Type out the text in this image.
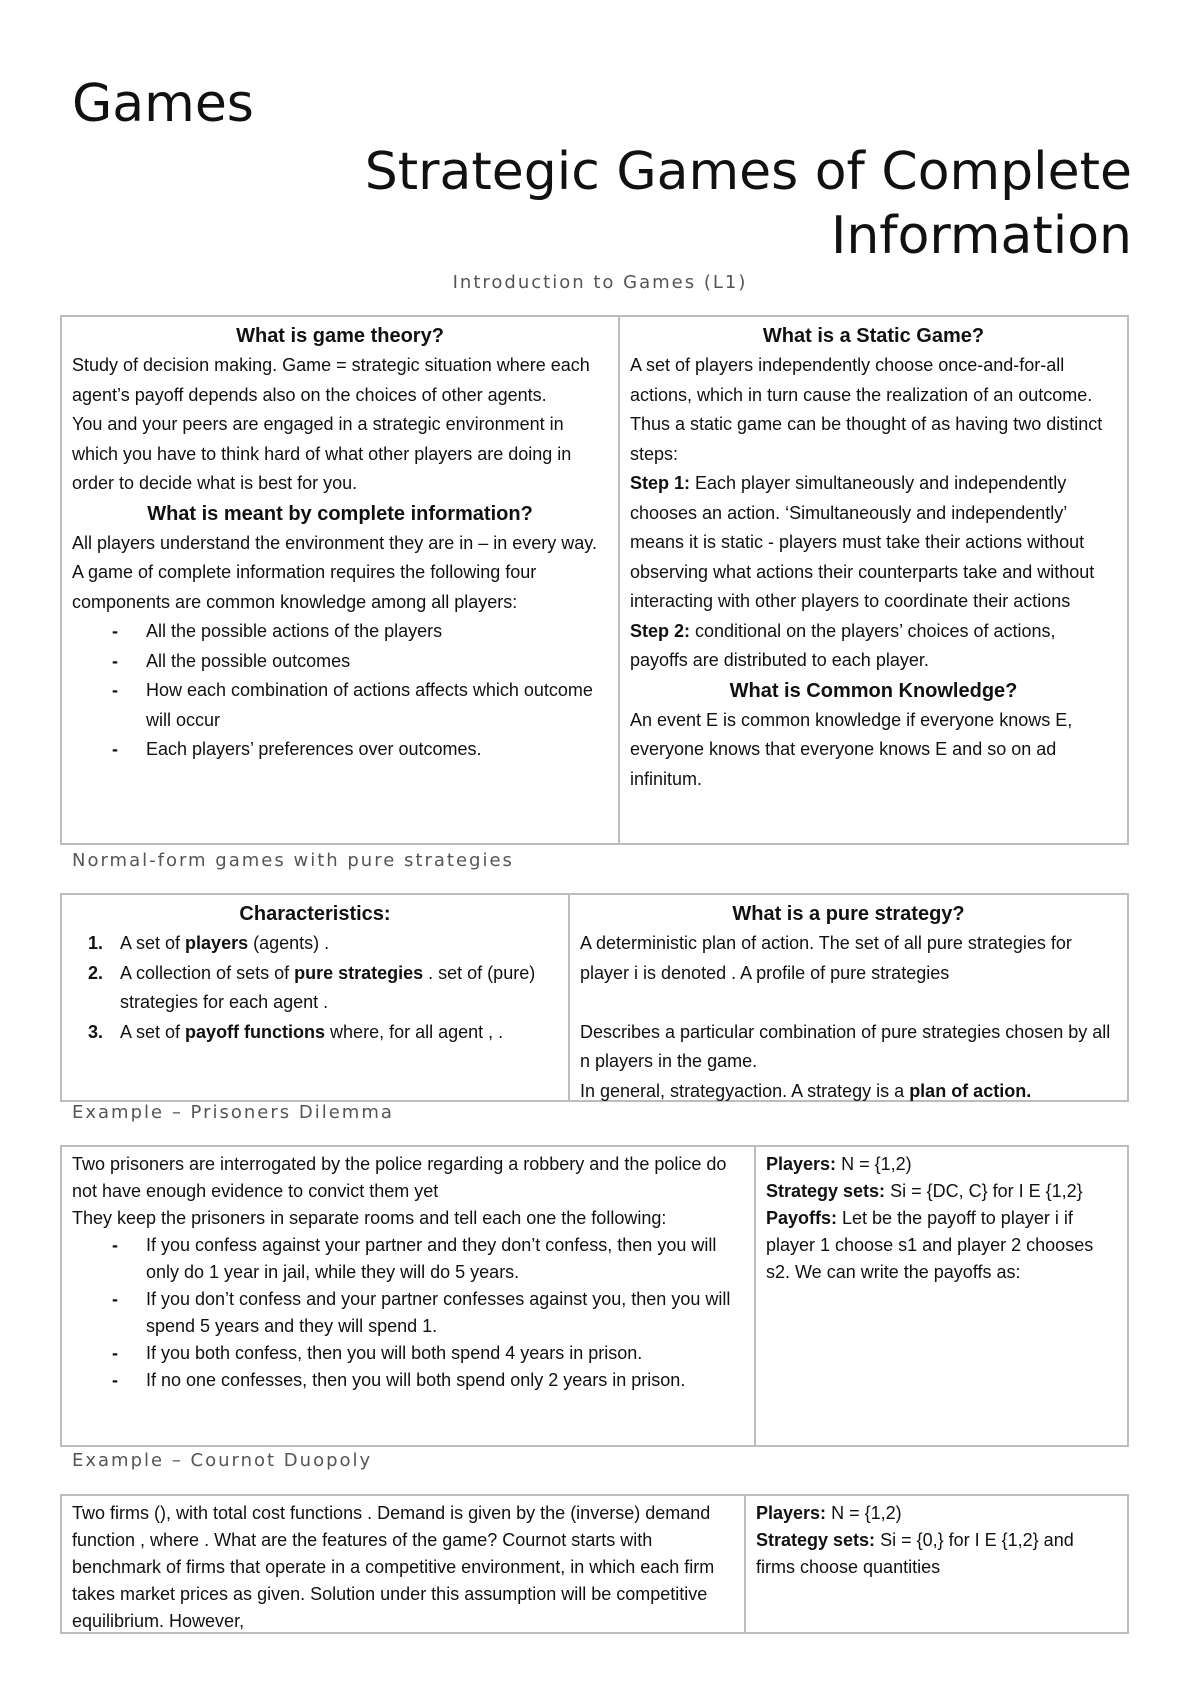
Games
Strategic Games of Complete
Information
Introduction to Games (L1)

What is game theory?

Study of decision making. Game = strategic situation where each agent’s payoff depends also on the choices of other agents.

You and your peers are engaged in a strategic environment in which you have to think hard of what other players are doing in order to decide what is best for you.

What is meant by complete information?

All players understand the environment they are in – in every way. A game of complete information requires the following four components are common knowledge among all players:

- All the possible actions of the players
- All the possible outcomes
- How each combination of actions affects which outcome will occur
- Each players’ preferences over outcomes.

What is a Static Game?

A set of players independently choose once-and-for-all actions, which in turn cause the realization of an outcome. Thus a static game can be thought of as having two distinct steps:

Step 1: Each player simultaneously and independently chooses an action. ‘Simultaneously and independently’ means it is static - players must take their actions without observing what actions their counterparts take and without interacting with other players to coordinate their actions

Step 2: conditional on the players’ choices of actions, payoffs are distributed to each player.

What is Common Knowledge?

An event E is common knowledge if everyone knows E, everyone knows that everyone knows E and so on ad infinitum.

Normal-form games with pure strategies

Characteristics:

1. A set of players (agents) .
2. A collection of sets of pure strategies . set of (pure) strategies for each agent .
3. A set of payoff functions where, for all agent , .

What is a pure strategy?

A deterministic plan of action. The set of all pure strategies for player i is denoted . A profile of pure strategies

Describes a particular combination of pure strategies chosen by all n players in the game.

In general, strategyaction. A strategy is a plan of action.

Example – Prisoners Dilemma

Two prisoners are interrogated by the police regarding a robbery and the police do not have enough evidence to convict them yet

They keep the prisoners in separate rooms and tell each one the following:

- If you confess against your partner and they don’t confess, then you will only do 1 year in jail, while they will do 5 years.
- If you don’t confess and your partner confesses against you, then you will spend 5 years and they will spend 1.
- If you both confess, then you will both spend 4 years in prison.
- If no one confesses, then you will both spend only 2 years in prison.

Players: N = {1,2)

Strategy sets: Si = {DC, C} for I E {1,2}

Payoffs: Let be the payoff to player i if player 1 choose s1 and player 2 chooses s2. We can write the payoffs as:

Example – Cournot Duopoly

Two firms (), with total cost functions . Demand is given by the (inverse) demand function , where . What are the features of the game? Cournot starts with benchmark of firms that operate in a competitive environment, in which each firm takes market prices as given. Solution under this assumption will be competitive equilibrium. However,

Players: N = {1,2)

Strategy sets: Si = {0,} for I E {1,2} and firms choose quantities
